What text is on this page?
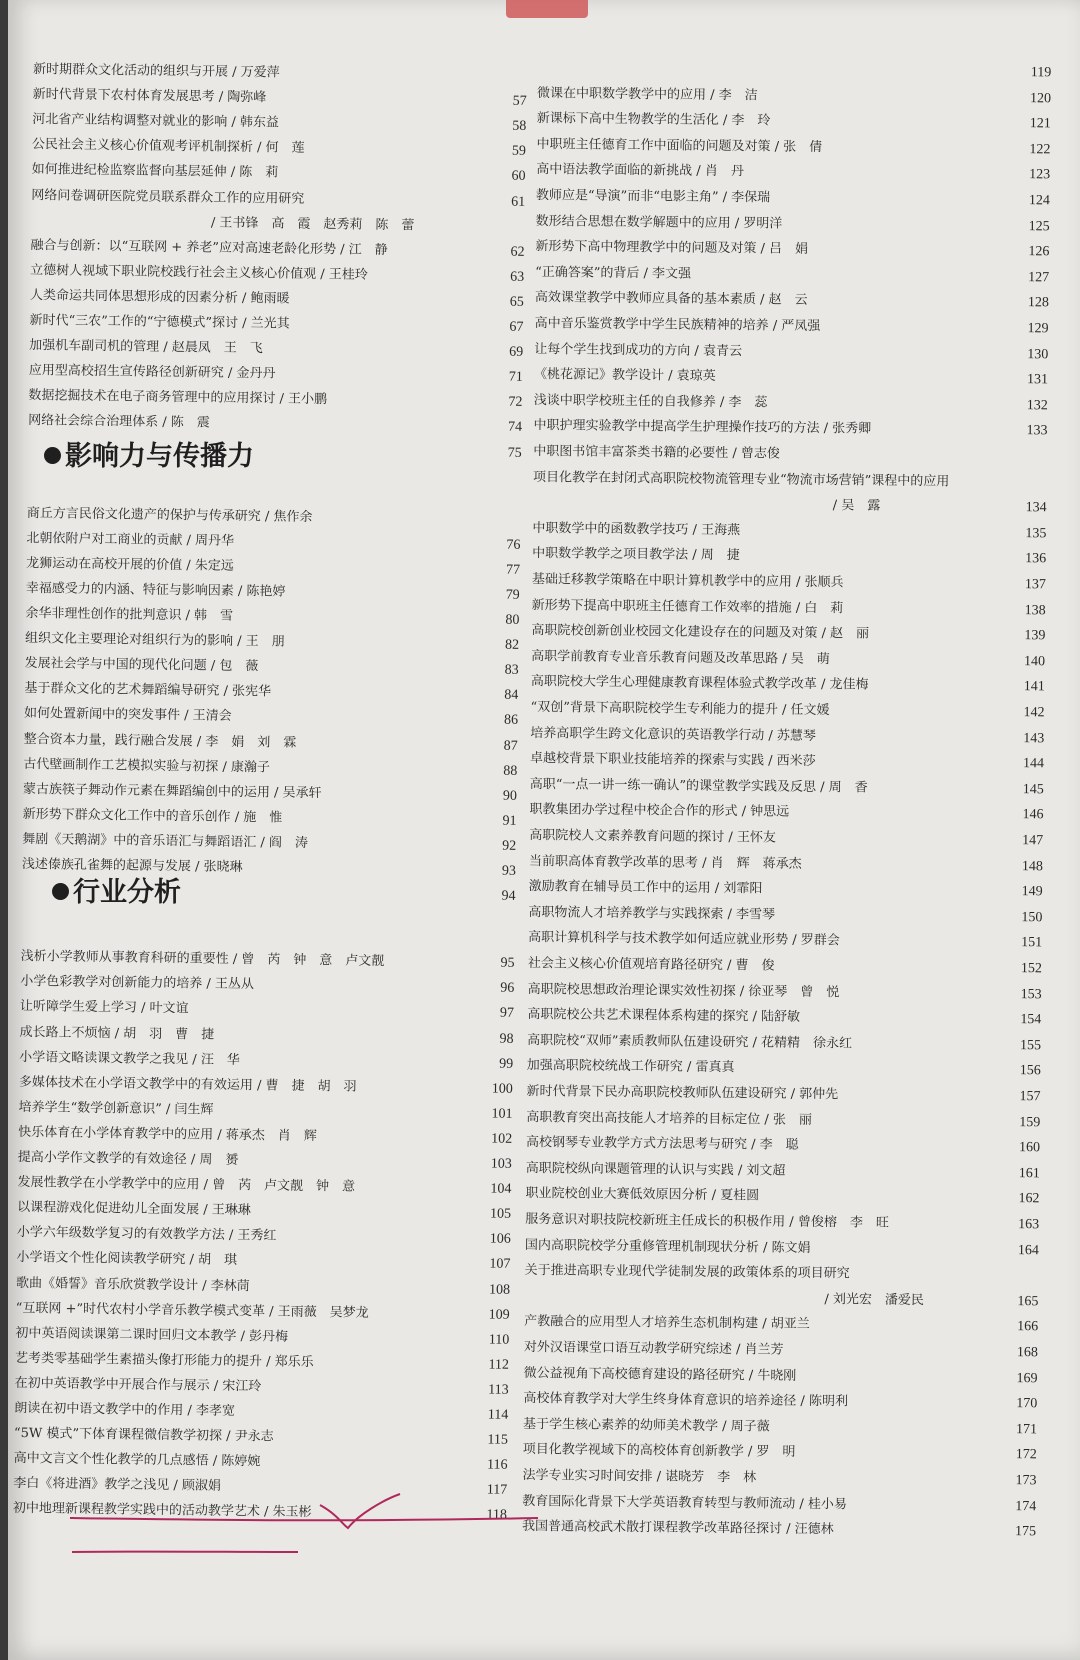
新时期群众文化活动的组织与开展 / 万爱萍
新时代背景下农村体育发展思考 / 陶弥峰	57
河北省产业结构调整对就业的影响 / 韩东益	58
公民社会主义核心价值观考评机制探析 / 何　莲	59
如何推进纪检监察监督向基层延伸 / 陈　莉	60
网络问卷调研医院党员联系群众工作的应用研究	61
/ 王书锋　高　霞　赵秀莉　陈　蕾
融合与创新：以“互联网 + 养老”应对高速老龄化形势 / 江　静	62
立德树人视域下职业院校践行社会主义核心价值观 / 王桂玲	63
人类命运共同体思想形成的因素分析 / 鲍雨暖	65
新时代“三农”工作的“宁德模式”探讨 / 兰光其	67
加强机车副司机的管理 / 赵晨凤　王　飞	69
应用型高校招生宣传路径创新研究 / 金丹丹	71
数据挖掘技术在电子商务管理中的应用探讨 / 王小鹏	72
网络社会综合治理体系 / 陈　震	74
75
商丘方言民俗文化遗产的保护与传承研究 / 焦作余
北朝依附户对工商业的贡献 / 周丹华	76
龙狮运动在高校开展的价值 / 朱定远	77
幸福感受力的内涵、特征与影响因素 / 陈艳婷	79
余华非理性创作的批判意识 / 韩　雪	80
组织文化主要理论对组织行为的影响 / 王　朋	82
发展社会学与中国的现代化问题 / 包　薇	83
基于群众文化的艺术舞蹈编导研究 / 张宪华	84
如何处置新闻中的突发事件 / 王清会	86
整合资本力量，践行融合发展 / 李　娟　刘　霖	87
古代壁画制作工艺模拟实验与初探 / 康瀚子	88
蒙古族筷子舞动作元素在舞蹈编创中的运用 / 吴承轩	90
新形势下群众文化工作中的音乐创作 / 施　惟	91
舞剧《天鹅湖》中的音乐语汇与舞蹈语汇 / 阎　涛	92
浅述傣族孔雀舞的起源与发展 / 张晓琳	93
94
浅析小学教师从事教育科研的重要性 / 曾　芮　钟　意　卢文靓	95
小学色彩教学对创新能力的培养 / 王丛从	96
让听障学生爱上学习 / 叶文谊	97
成长路上不烦恼 / 胡　羽　曹　捷	98
小学语文略读课文教学之我见 / 汪　华	99
多媒体技术在小学语文教学中的有效运用 / 曹　捷　胡　羽	100
培养学生“数学创新意识” / 闫生辉	101
快乐体育在小学体育教学中的应用 / 蒋承杰　肖　辉	102
提高小学作文教学的有效途径 / 周　赟	103
发展性教学在小学教学中的应用 / 曾　芮　卢文靓　钟　意	104
以课程游戏化促进幼儿全面发展 / 王琳琳	105
小学六年级数学复习的有效教学方法 / 王秀红	106
小学语文个性化阅读教学研究 / 胡　琪	107
歌曲《婚誓》音乐欣赏教学设计 / 李林茼	108
“互联网 +”时代农村小学音乐教学模式变革 / 王雨薇　吴梦龙	109
初中英语阅读课第二课时回归文本教学 / 彭丹梅	110
艺考类零基础学生素描头像打形能力的提升 / 郑乐乐	112
在初中英语教学中开展合作与展示 / 宋江玲	113
朗读在初中语文教学中的作用 / 李孝宽	114
“5W 模式”下体育课程微信教学初探 / 尹永志	115
高中文言文个性化教学的几点感悟 / 陈婷婉	116
李白《将进酒》教学之浅见 / 顾淑娟	117
初中地理新课程教学实践中的活动教学艺术 / 朱玉彬	118
119
微课在中职数学教学中的应用 / 李　洁	120
新课标下高中生物教学的生活化 / 李　玲	121
中职班主任德育工作中面临的问题及对策 / 张　倩	122
高中语法教学面临的新挑战 / 肖　丹	123
教师应是“导演”而非“电影主角” / 李保瑞	124
数形结合思想在数学解题中的应用 / 罗明洋	125
新形势下高中物理教学中的问题及对策 / 吕　娟	126
“正确答案”的背后 / 李文强	127
高效课堂教学中教师应具备的基本素质 / 赵　云	128
高中音乐鉴赏教学中学生民族精神的培养 / 严凤强	129
让每个学生找到成功的方向 / 袁青云	130
《桃花源记》教学设计 / 袁琼英	131
浅谈中职学校班主任的自我修养 / 李　蕊	132
中职护理实验教学中提高学生护理操作技巧的方法 / 张秀卿	133
中职图书馆丰富茶类书籍的必要性 / 曾志俊
项目化教学在封闭式高职院校物流管理专业“物流市场营销”课程中的应用
/ 吴　露	134
中职数学中的函数教学技巧 / 王海燕	135
中职数学教学之项目教学法 / 周　捷	136
基础迁移教学策略在中职计算机教学中的应用 / 张顺兵	137
新形势下提高中职班主任德育工作效率的措施 / 白　莉	138
高职院校创新创业校园文化建设存在的问题及对策 / 赵　丽	139
高职学前教育专业音乐教育问题及改革思路 / 吴　萌	140
高职院校大学生心理健康教育课程体验式教学改革 / 龙佳梅	141
“双创”背景下高职院校学生专利能力的提升 / 任文媛	142
培养高职学生跨文化意识的英语教学行动 / 苏慧琴	143
卓越校背景下职业技能培养的探索与实践 / 西米莎	144
高职“一点一讲一练一确认”的课堂教学实践及反思 / 周　香	145
职教集团办学过程中校企合作的形式 / 钟思远	146
高职院校人文素养教育问题的探讨 / 王怀友	147
当前职高体育教学改革的思考 / 肖　辉　蒋承杰	148
激励教育在辅导员工作中的运用 / 刘霏阳	149
高职物流人才培养教学与实践探索 / 李雪琴	150
高职计算机科学与技术教学如何适应就业形势 / 罗群会	151
社会主义核心价值观培育路径研究 / 曹　俊	152
高职院校思想政治理论课实效性初探 / 徐亚琴　曾　悦	153
高职院校公共艺术课程体系构建的探究 / 陆舒敏	154
高职院校“双师”素质教师队伍建设研究 / 花精精　徐永红	155
加强高职院校统战工作研究 / 雷真真	156
新时代背景下民办高职院校教师队伍建设研究 / 郭仲先	157
高职教育突出高技能人才培养的目标定位 / 张　丽	159
高校钢琴专业教学方式方法思考与研究 / 李　聪	160
高职院校纵向课题管理的认识与实践 / 刘文超	161
职业院校创业大赛低效原因分析 / 夏桂圆	162
服务意识对职技院校新班主任成长的积极作用 / 曾俊榕　李　旺	163
国内高职院校学分重修管理机制现状分析 / 陈文娟	164
关于推进高职专业现代学徒制发展的政策体系的项目研究
/ 刘光宏　潘爱民	165
产教融合的应用型人才培养生态机制构建 / 胡亚兰	166
对外汉语课堂口语互动教学研究综述 / 肖兰芳	168
微公益视角下高校德育建设的路径研究 / 牛晓刚	169
高校体育教学对大学生终身体育意识的培养途径 / 陈明利	170
基于学生核心素养的幼师美术教学 / 周子薇	171
项目化教学视域下的高校体育创新教学 / 罗　明	172
法学专业实习时间安排 / 谌晓芳　李　林	173
教育国际化背景下大学英语教育转型与教师流动 / 桂小易	174
我国普通高校武术散打课程教学改革路径探讨 / 汪德林	175
影响力与传播力
行业分析
